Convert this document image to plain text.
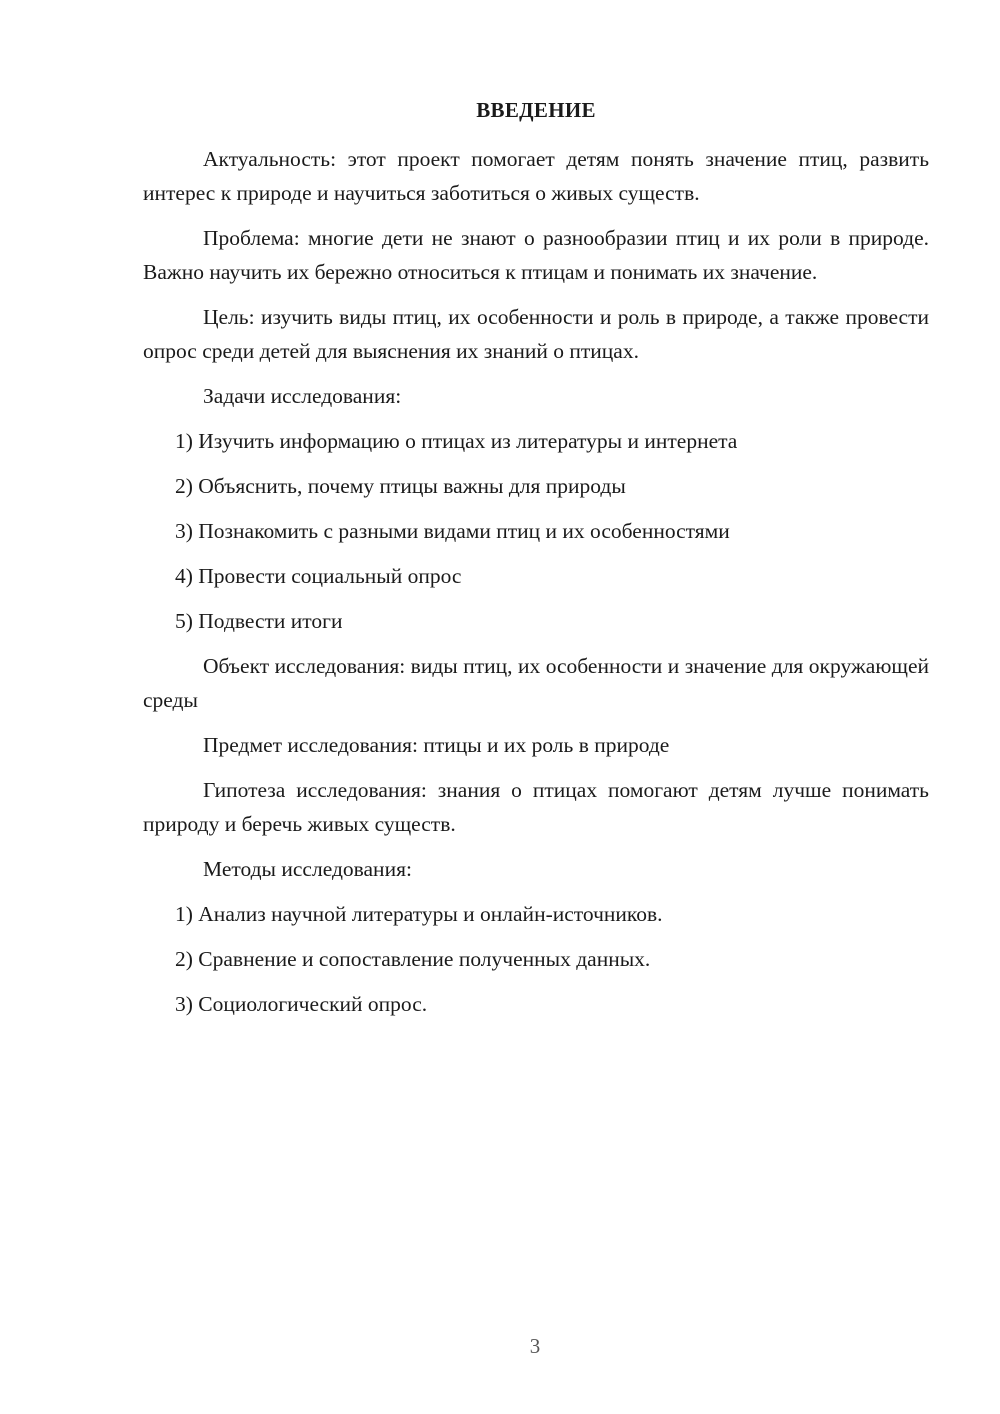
ВВЕДЕНИЕ

Актуальность: этот проект помогает детям понять значение птиц, развить интерес к природе и научиться заботиться о живых существ.

Проблема: многие дети не знают о разнообразии птиц и их роли в природе. Важно научить их бережно относиться к птицам и понимать их значение.

Цель: изучить виды птиц, их особенности и роль в природе, а также провести опрос среди детей для выяснения их знаний о птицах.

Задачи исследования:

1) Изучить информацию о птицах из литературы и интернета

2) Объяснить, почему птицы важны для природы

3) Познакомить с разными видами птиц и их особенностями

4) Провести социальный опрос

5) Подвести итоги

Объект исследования: виды птиц, их особенности и значение для окружающей среды

Предмет исследования: птицы и их роль в природе

Гипотеза исследования: знания о птицах помогают детям лучше понимать природу и беречь живых существ.

Методы исследования:

1) Анализ научной литературы и онлайн-источников.

2) Сравнение и сопоставление полученных данных.

3) Социологический опрос.

3
